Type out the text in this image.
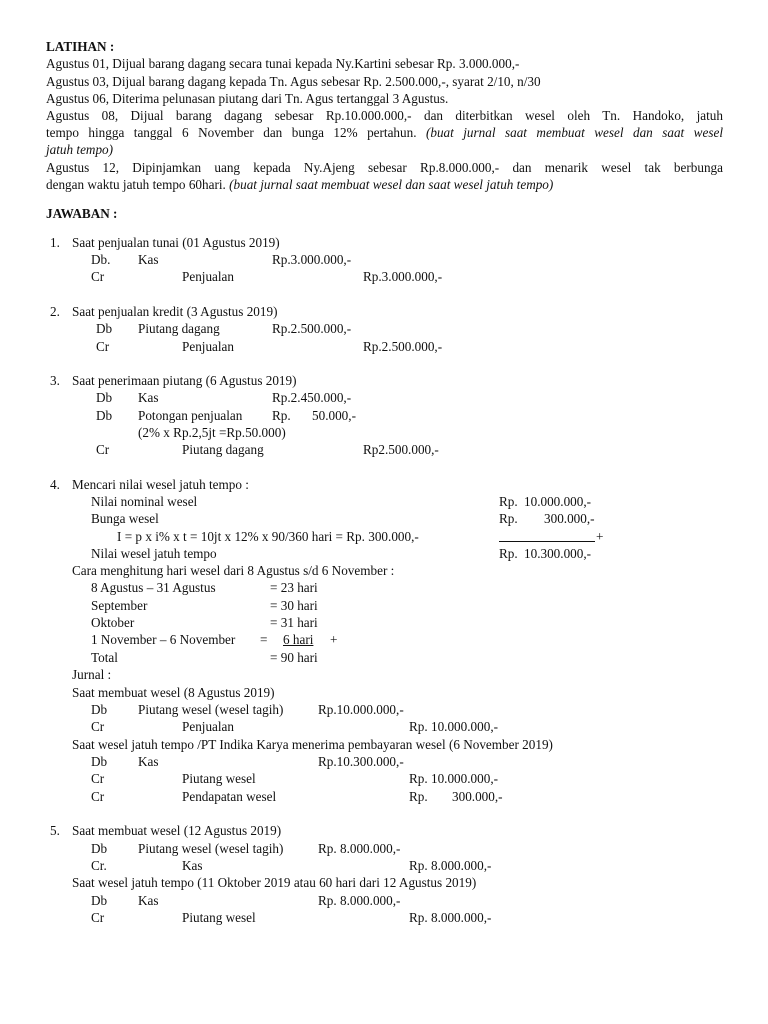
LATIHAN :
Agustus 01, Dijual barang dagang secara tunai kepada Ny.Kartini sebesar Rp. 3.000.000,-
Agustus 03, Dijual barang dagang kepada Tn. Agus sebesar Rp. 2.500.000,-, syarat 2/10, n/30
Agustus 06, Diterima pelunasan piutang dari Tn. Agus tertanggal 3 Agustus.
Agustus 08, Dijual barang dagang sebesar Rp.10.000.000,- dan diterbitkan wesel oleh Tn. Handoko, jatuh
tempo hingga tanggal 6 November dan bunga 12% pertahun. (buat jurnal saat membuat wesel dan saat wesel
jatuh tempo)
Agustus 12, Dipinjamkan uang kepada Ny.Ajeng sebesar Rp.8.000.000,- dan menarik wesel tak berbunga
dengan waktu jatuh tempo 60hari. (buat jurnal saat membuat wesel dan saat wesel jatuh tempo)
JAWABAN :
1. Saat penjualan tunai (01 Agustus 2019)
Db. Kas	Rp.3.000.000,-
Cr	Penjualan	Rp.3.000.000,-
2. Saat penjualan kredit (3 Agustus 2019)
Db Piutang dagang	Rp.2.500.000,-
Cr	Penjualan	Rp.2.500.000,-
3. Saat penerimaan piutang (6 Agustus 2019)
Db Kas	Rp.2.450.000,-
Db Potongan penjualan Rp. 50.000,-
(2% x Rp.2,5jt =Rp.50.000)
Cr	Piutang dagang	Rp2.500.000,-
4. Mencari nilai wesel jatuh tempo :
Nilai nominal wesel	Rp. 10.000.000,-
Bunga wesel	Rp. 300.000,-
I = p x i% x t = 10jt x 12% x 90/360 hari = Rp. 300.000,-	+
Nilai wesel jatuh tempo	Rp. 10.300.000,-
Cara menghitung hari wesel dari 8 Agustus s/d 6 November :
8 Agustus – 31 Agustus	= 23 hari
September	= 30 hari
Oktober	= 31 hari
1 November – 6 November = 6 hari +
Total	= 90 hari
Jurnal :
Saat membuat wesel (8 Agustus 2019)
Db Piutang wesel (wesel tagih)	Rp.10.000.000,-
Cr	Penjualan	Rp. 10.000.000,-
Saat wesel jatuh tempo /PT Indika Karya menerima pembayaran wesel (6 November 2019)
Db Kas	Rp.10.300.000,-
Cr	Piutang wesel	Rp. 10.000.000,-
Cr	Pendapatan wesel	Rp. 300.000,-
5. Saat membuat wesel (12 Agustus 2019)
Db Piutang wesel (wesel tagih)	Rp. 8.000.000,-
Cr.	Kas	Rp. 8.000.000,-
Saat wesel jatuh tempo (11 Oktober 2019 atau 60 hari dari 12 Agustus 2019)
Db Kas	Rp. 8.000.000,-
Cr	Piutang wesel	Rp. 8.000.000,-
